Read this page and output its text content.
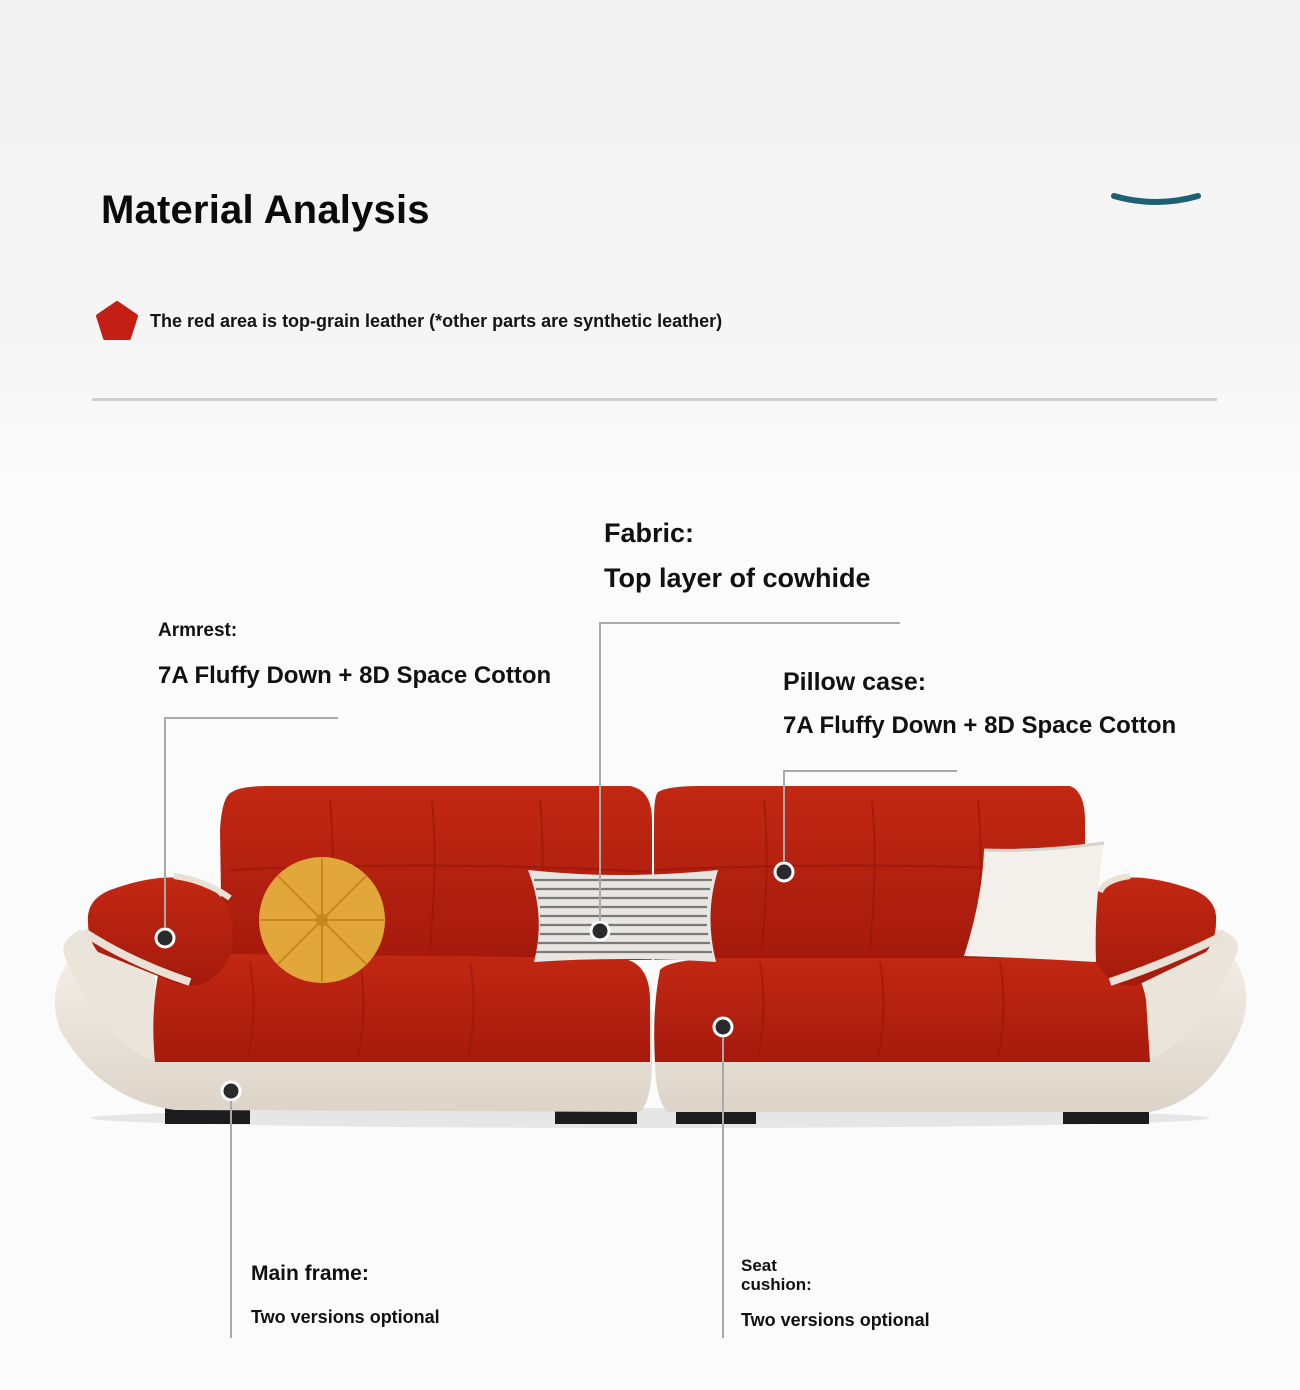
Material Analysis
The red area is top-grain leather (*other parts are synthetic leather)
Fabric:
Top layer of cowhide
Armrest:
7A Fluffy Down + 8D Space Cotton	Pillow case:
7A Fluffy Down + 8D Space Cotton
Main frame:
Two versions optional
Seat
cushion:
Two versions optional
